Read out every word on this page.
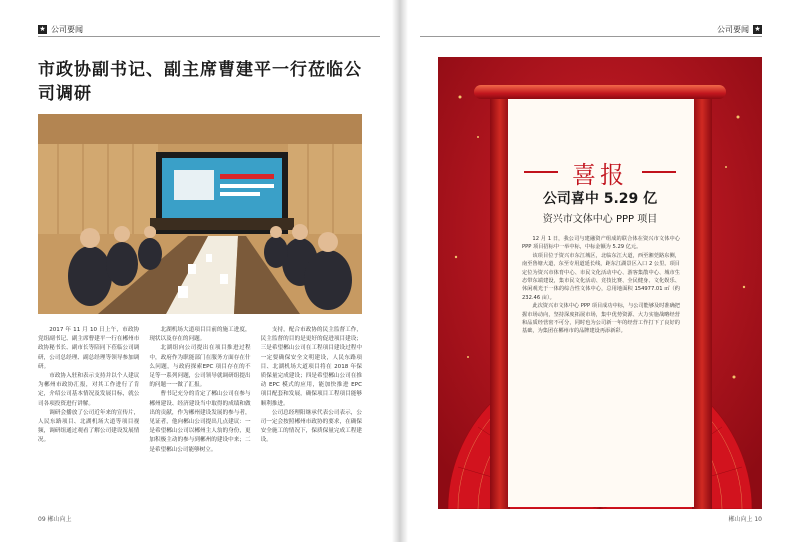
★ 公司要闻
市政协副书记、副主席曹建平一行莅临公司调研

2017 年 11 月 10 日上午，市政协党组副书记、副主席曹建平一行在郴州市政协秘书长、副市长等陪同下莅临公司调研，公司总经理、副总经理等领导参加调研。

市政协入驻和表示支持并以个人建议为郴州市政协汇报，对其工作进行了肯定，介绍公司基本情况及发展目标，就公司各项投资进行讲解。

调研会播放了公司近年来的宣传片，人民东路项目、北湖机场大道等项目视频，调研组通过观看了解公司建设发展情况。

北湖机场大道项目目前的施工进度，现状以及存在的问题。

北湖组向公司提出在项目推进过程中，政府作为职能部门在服务方面存在什么问题，与政府探索EPC 项目存在的不足等一系列问题，公司领导就调研组提出的问题一一做了汇报。

曹书记充分的肯定了郴山公司在参与郴州建设、经济建设当中取得的成绩和做出的贡献，作为郴州建设发展的参与者，见证者，他向郴山公司提出几点建议：一是希望郴山公司以郴州主人翁的身份，更加积极主动的参与到郴州的建设中来；二是希望郴山公司能够树立。

支持，配合市政协的民主监督工作，民主监督的目的是更好的促进项目建设；三是希望郴山公司在工程项目建设过程中一定要确保安全文明建设，人民东路项目、北湖机场大道项目将在 2018 年保质保量完成建设；四是希望郴山公司在推动 EPC 模式的应用，能加快推进 EPC 项目配套和发展，确保项目工程项目能够顺利推进。

公司总经理阳继承代表公司表示，公司一定会按照郴州市政协的要求，在确保安全施工的情况下，保质保量完成工程建设。

09 郴山向上
公司要闻 ★
喜报
公司喜中 5.29 亿
资兴市文体中心 PPP 项目

12 月 1 日，我公司与建融资产组成的联合体在资兴市文体中心 PPP 项目招标中一举中标，中标金额为 5.29 亿元。

该项目位于资兴市东江城区，北临东江大道，西至湘莞路东侧，南至鲁塘大道，东至专用道延长线，距东江湖景区入口 2 公里。项目定位为资兴市体育中心、市民文化活动中心、游客集散中心、城市生态带东端建设，集市民文化活动、竞技比赛、全民健身、文化娱乐、休闲观光于一体的综合性文体中心，总用地面积 154977.01 ㎡（约 232.46 亩）。

此次资兴市文体中心 PPP 项目成功中标，与公司能够及时准确把握市场动向，坚持深度拓展市场，集中优势资源、大力实施战略经营和品质经营密不可分，同时也为公司新一年的经营工作打下了良好的基础，为集团在郴州市的品牌建设再添新彩。

郴山向上 10
